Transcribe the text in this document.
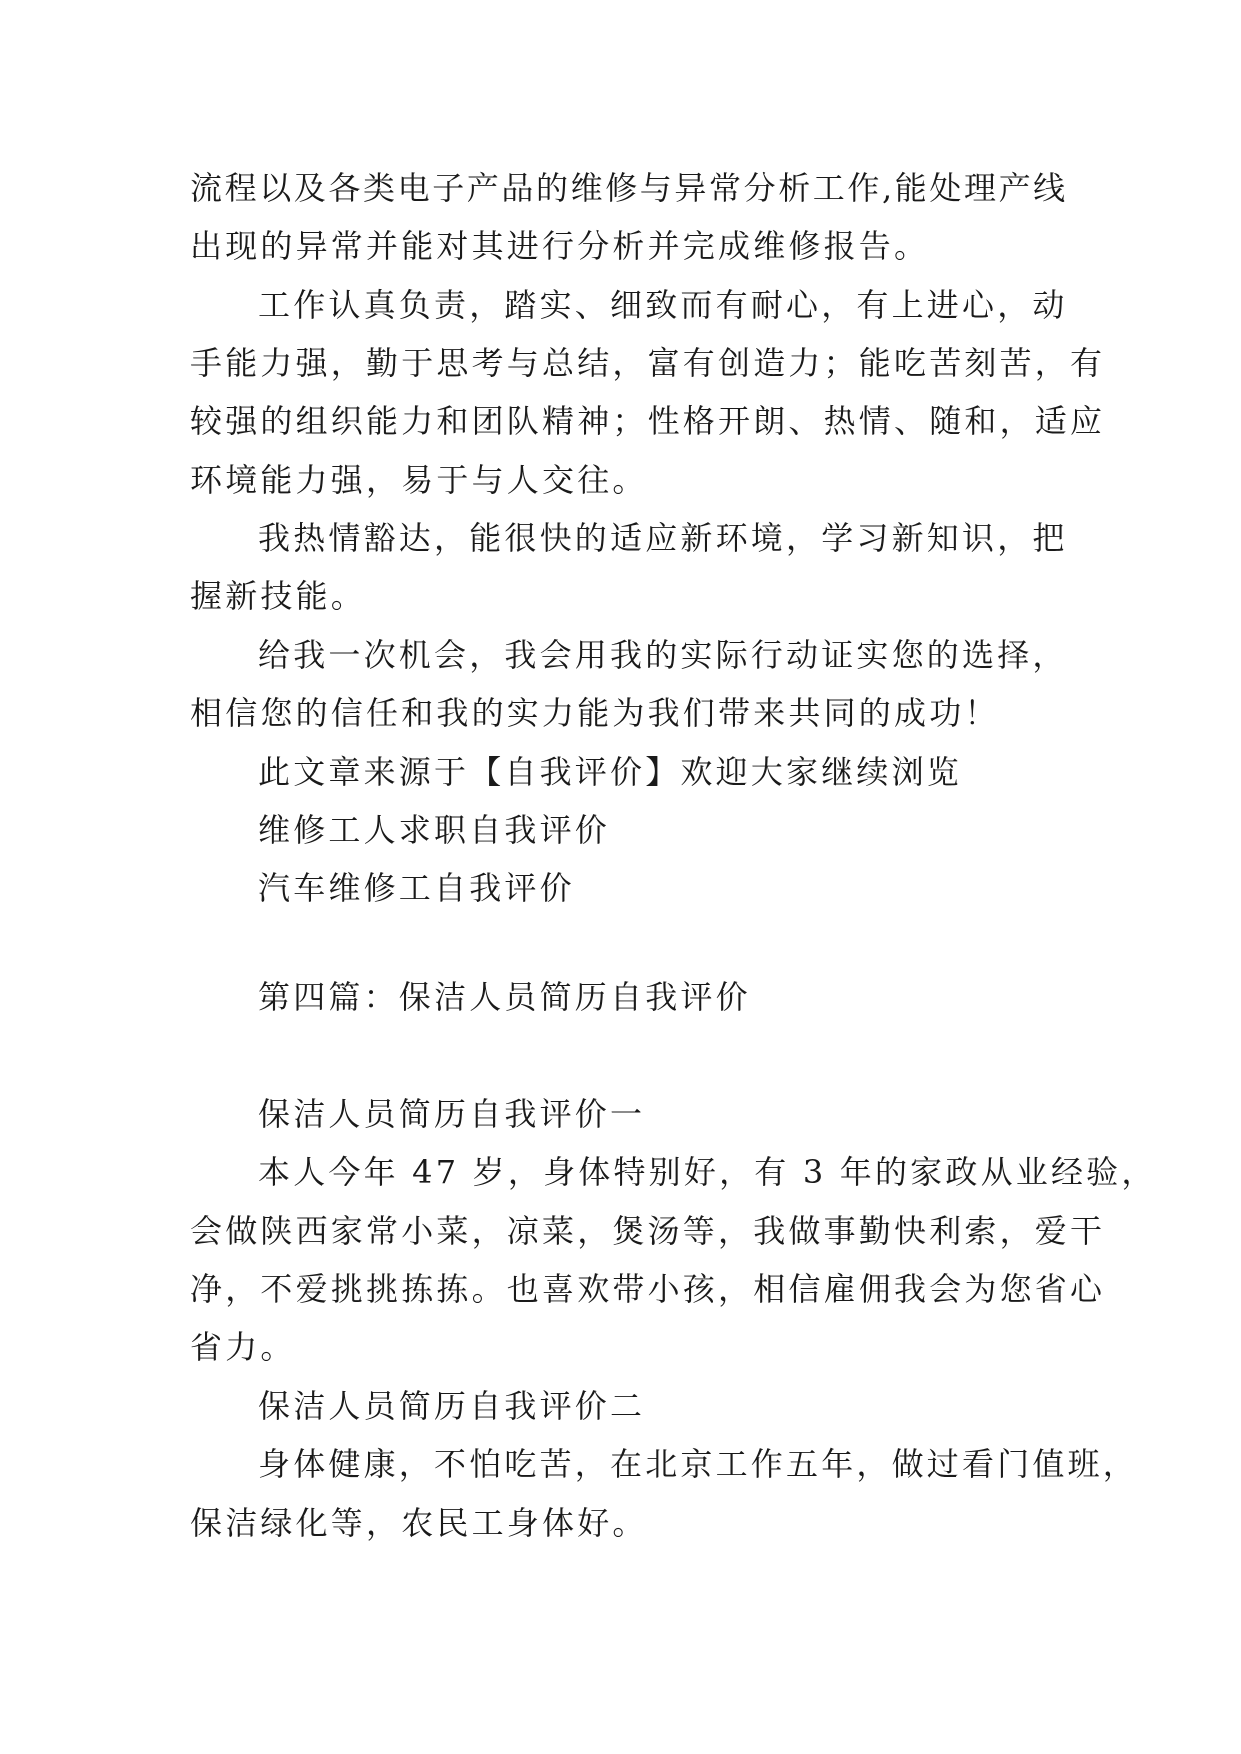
流程以及各类电子产品的维修与异常分析工作,能处理产线
出现的异常并能对其进行分析并完成维修报告。
工作认真负责，踏实、细致而有耐心，有上进心，动
手能力强，勤于思考与总结，富有创造力；能吃苦刻苦，有
较强的组织能力和团队精神；性格开朗、热情、随和，适应
环境能力强，易于与人交往。
我热情豁达，能很快的适应新环境，学习新知识，把
握新技能。
给我一次机会，我会用我的实际行动证实您的选择，
相信您的信任和我的实力能为我们带来共同的成功！
此文章来源于【自我评价】欢迎大家继续浏览
维修工人求职自我评价
汽车维修工自我评价
第四篇：保洁人员简历自我评价
保洁人员简历自我评价一
本人今年 47 岁，身体特别好，有 3 年的家政从业经验，
会做陕西家常小菜，凉菜，煲汤等，我做事勤快利索，爱干
净，不爱挑挑拣拣。也喜欢带小孩，相信雇佣我会为您省心
省力。
保洁人员简历自我评价二
身体健康，不怕吃苦，在北京工作五年，做过看门值班，
保洁绿化等，农民工身体好。
